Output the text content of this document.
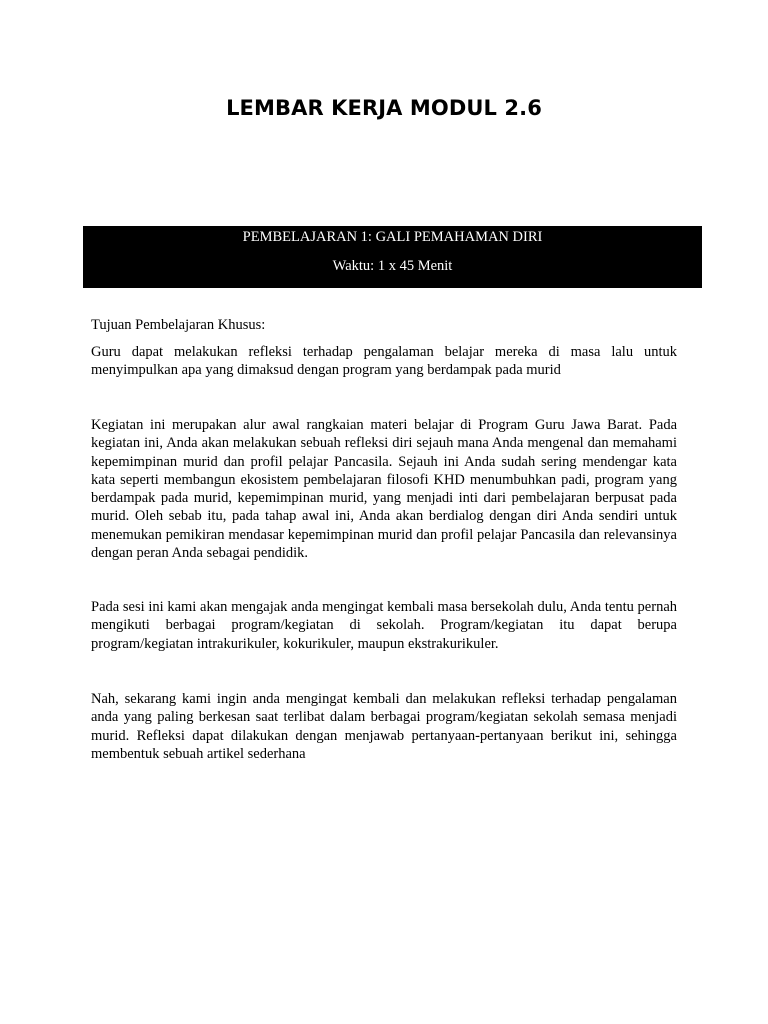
LEMBAR KERJA MODUL 2.6
PEMBELAJARAN 1: GALI PEMAHAMAN DIRI
Waktu: 1 x 45 Menit

Tujuan Pembelajaran Khusus:

Guru dapat melakukan refleksi terhadap pengalaman belajar mereka di masa lalu untuk menyimpulkan apa yang dimaksud dengan program yang berdampak pada murid

Kegiatan ini merupakan alur awal rangkaian materi belajar di Program Guru Jawa Barat. Pada kegiatan ini, Anda akan melakukan sebuah refleksi diri sejauh mana Anda mengenal dan memahami kepemimpinan murid dan profil pelajar Pancasila. Sejauh ini Anda sudah sering mendengar kata kata seperti membangun ekosistem pembelajaran filosofi KHD menumbuhkan padi, program yang berdampak pada murid, kepemimpinan murid, yang menjadi inti dari pembelajaran berpusat pada murid. Oleh sebab itu, pada tahap awal ini, Anda akan berdialog dengan diri Anda sendiri untuk menemukan pemikiran mendasar kepemimpinan murid dan profil pelajar Pancasila dan relevansinya dengan peran Anda sebagai pendidik.

Pada sesi ini kami akan mengajak anda mengingat kembali masa bersekolah dulu, Anda tentu pernah mengikuti berbagai program/kegiatan di sekolah. Program/kegiatan itu dapat berupa program/kegiatan intrakurikuler, kokurikuler, maupun ekstrakurikuler.

Nah, sekarang kami ingin anda mengingat kembali dan melakukan refleksi terhadap pengalaman anda yang paling berkesan saat terlibat dalam berbagai program/kegiatan sekolah semasa menjadi murid. Refleksi dapat dilakukan dengan menjawab pertanyaan-pertanyaan berikut ini, sehingga membentuk sebuah artikel sederhana
